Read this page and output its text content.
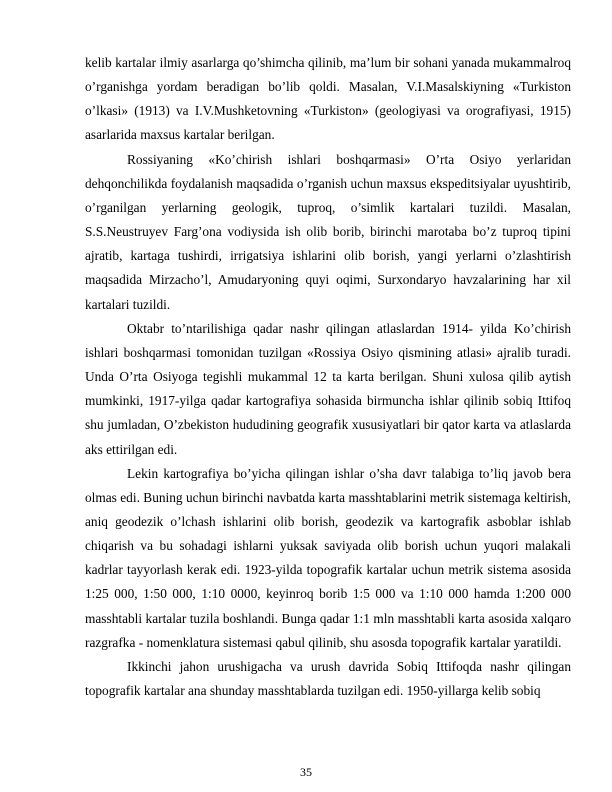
kelib kartalar ilmiy asarlarga qo’shimcha qilinib, ma’lum bir sohani yanada mukammalroq o’rganishga yordam beradigan bo’lib qoldi. Masalan, V.I.Masalskiyning «Turkiston o’lkasi» (1913) va I.V.Mushketovning «Turkiston» (geologiyasi va orografiyasi, 1915) asarlarida maxsus kartalar berilgan.

Rossiyaning «Ko’chirish ishlari boshqarmasi» O’rta Osiyo yerlaridan dehqonchilikda foydalanish maqsadida o’rganish uchun maxsus ekspeditsiyalar uyushtirib, o’rganilgan yerlarning geologik, tuproq, o’simlik kartalari tuzildi. Masalan, S.S.Neustruyev Farg’ona vodiysida ish olib borib, birinchi marotaba bo’z tuproq tipini ajratib, kartaga tushirdi, irrigatsiya ishlarini olib borish, yangi yerlarni o’zlashtirish maqsadida Mirzacho’l, Amudaryoning quyi oqimi, Surxondaryo havzalarining har xil kartalari tuzildi.

Oktabr to’ntarilishiga qadar nashr qilingan atlaslardan 1914- yilda Ko’chirish ishlari boshqarmasi tomonidan tuzilgan «Rossiya Osiyo qismining atlasi» ajralib turadi. Unda O’rta Osiyoga tegishli mukammal 12 ta karta berilgan. Shuni xulosa qilib aytish mumkinki, 1917-yilga qadar kartografiya sohasida birmuncha ishlar qilinib sobiq Ittifoq shu jumladan, O’zbekiston hududining geografik xususiyatlari bir qator karta va atlaslarda aks ettirilgan edi.

Lekin kartografiya bo’yicha qilingan ishlar o’sha davr talabiga to’liq javob bera olmas edi. Buning uchun birinchi navbatda karta masshtablarini metrik sistemaga keltirish, aniq geodezik o’lchash ishlarini olib borish, geodezik va kartografik asboblar ishlab chiqarish va bu sohadagi ishlarni yuksak saviyada olib borish uchun yuqori malakali kadrlar tayyorlash kerak edi. 1923-yilda topografik kartalar uchun metrik sistema asosida 1:25 000, 1:50 000, 1:10 0000, keyinroq borib 1:5 000 va 1:10 000 hamda 1:200 000 masshtabli kartalar tuzila boshlandi. Bunga qadar 1:1 mln masshtabli karta asosida xalqaro razgrafka - nomenklatura sistemasi qabul qilinib, shu asosda topografik kartalar yaratildi.

Ikkinchi jahon urushigacha va urush davrida Sobiq Ittifoqda nashr qilingan topografik kartalar ana shunday masshtablarda tuzilgan edi. 1950-yillarga kelib sobiq

35
